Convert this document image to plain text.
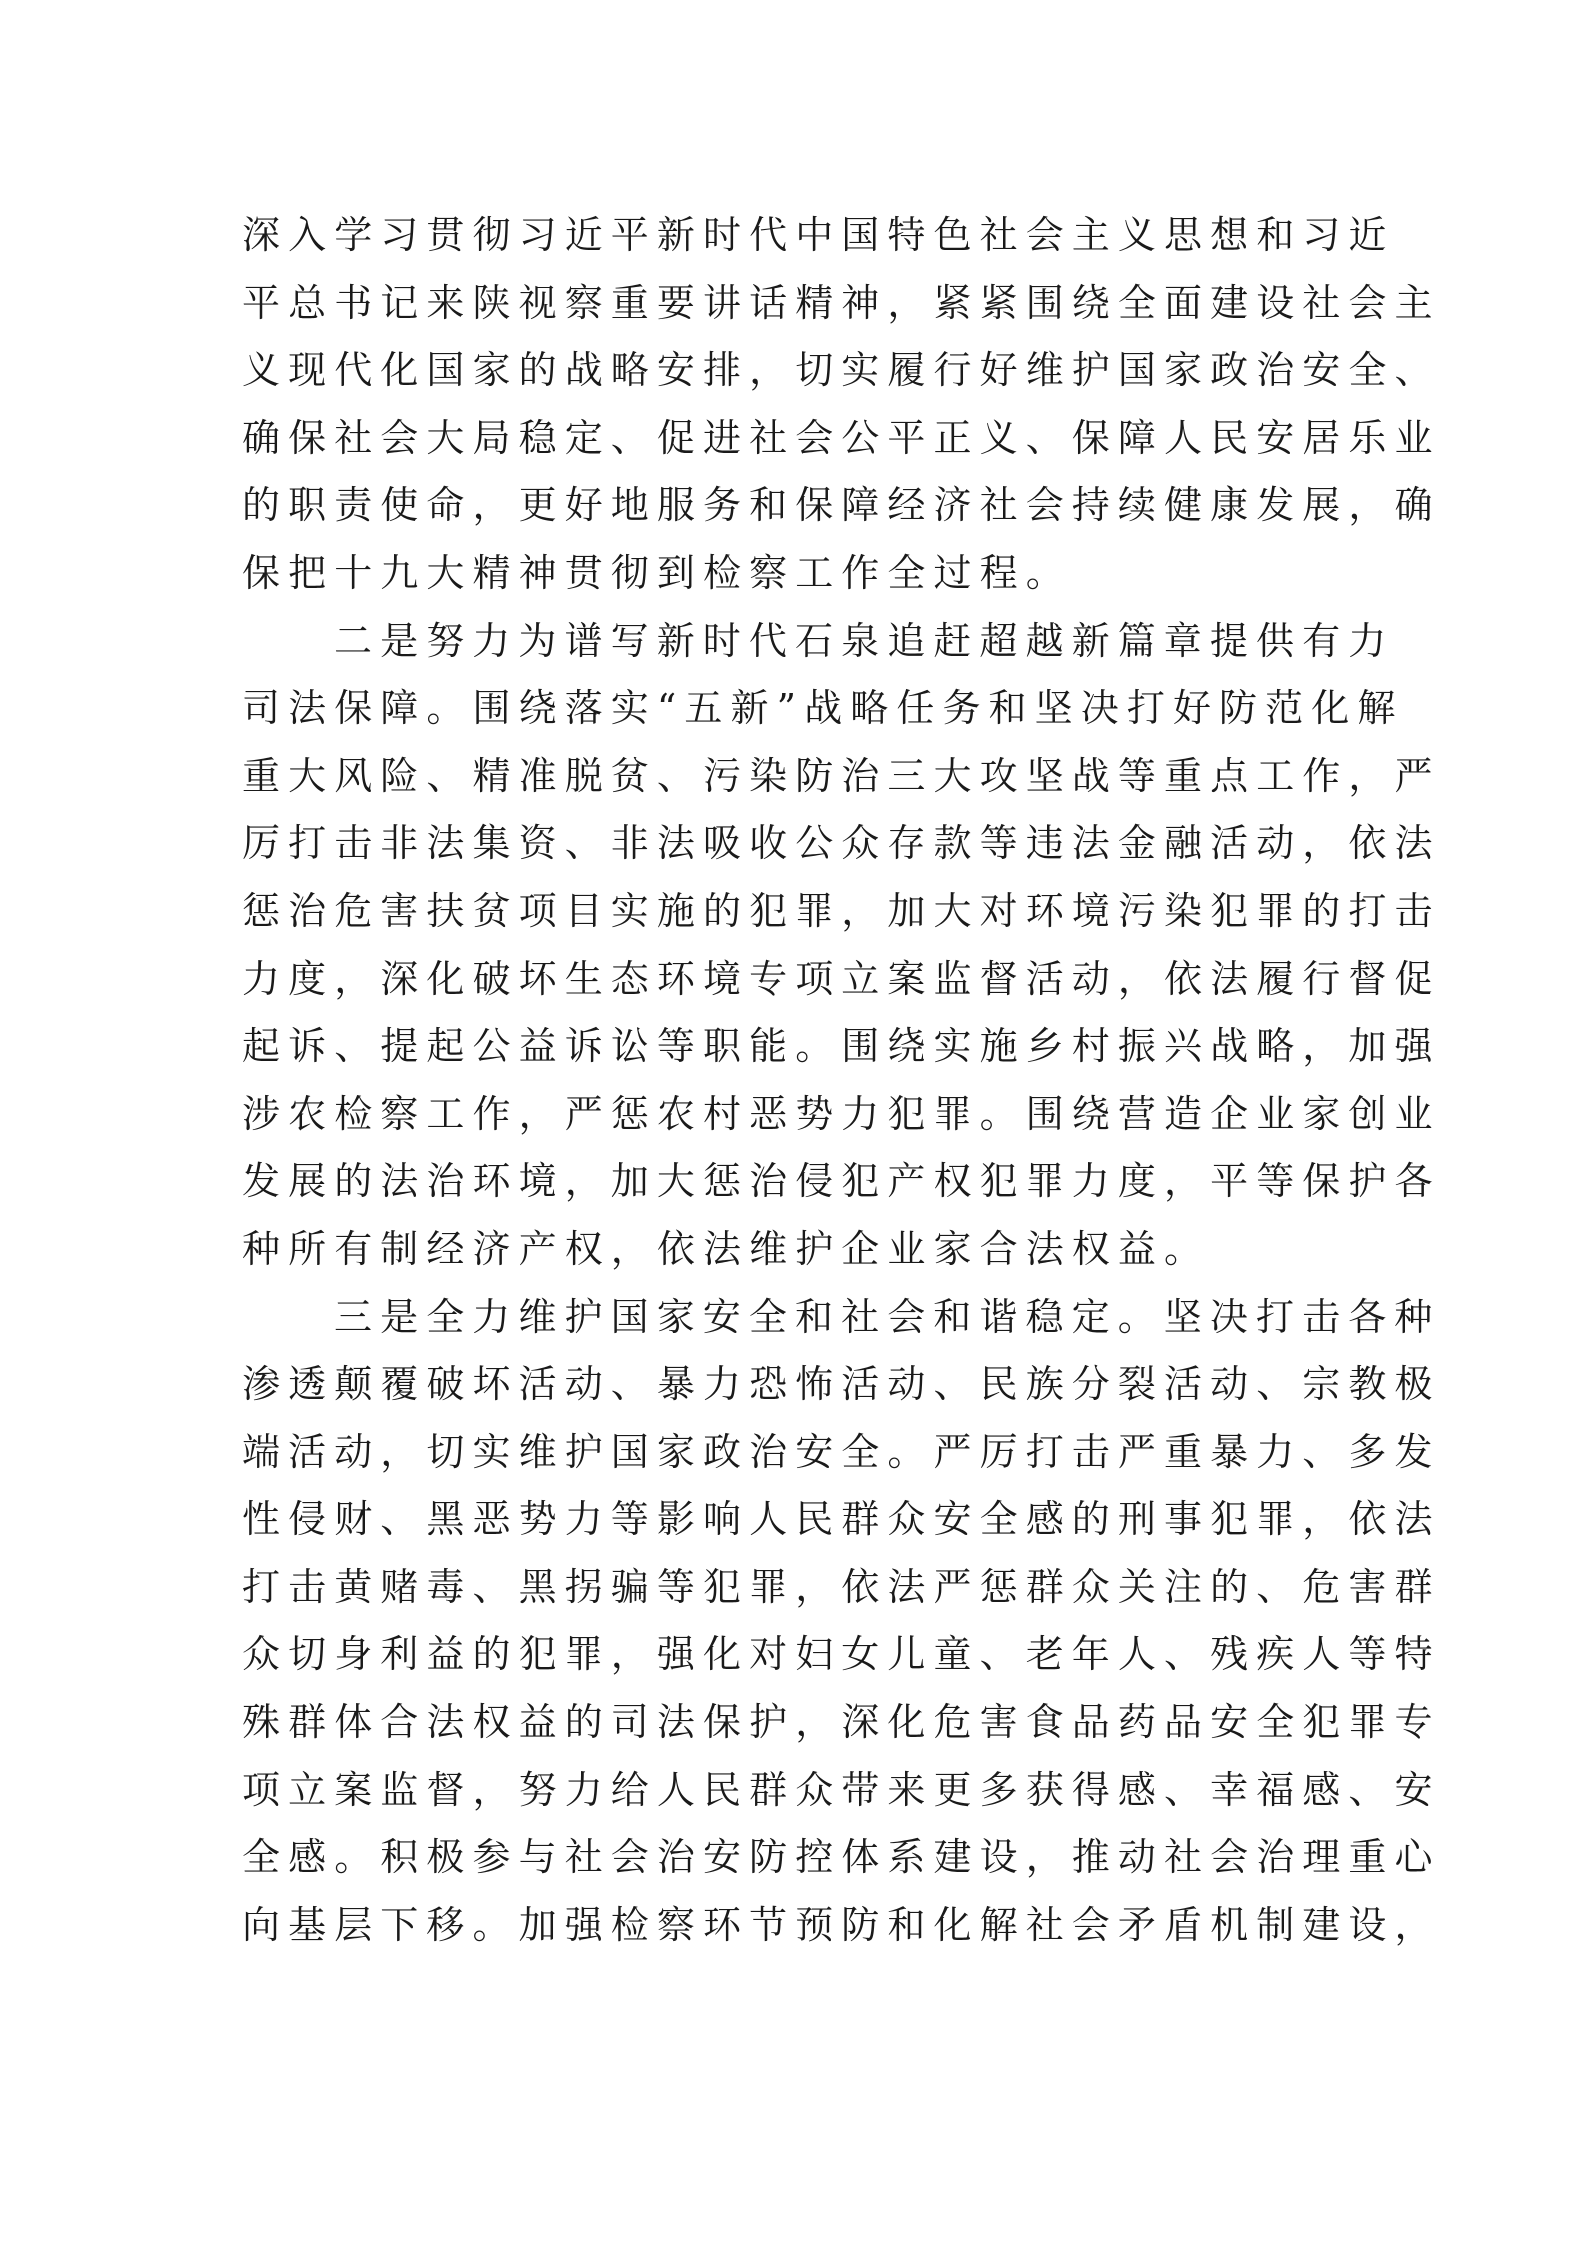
深入学习贯彻习近平新时代中国特色社会主义思想和习近
平总书记来陕视察重要讲话精神，紧紧围绕全面建设社会主
义现代化国家的战略安排，切实履行好维护国家政治安全、
确保社会大局稳定、促进社会公平正义、保障人民安居乐业
的职责使命，更好地服务和保障经济社会持续健康发展，确
保把十九大精神贯彻到检察工作全过程。
二是努力为谱写新时代石泉追赶超越新篇章提供有力
司法保障。围绕落实“五新”战略任务和坚决打好防范化解
重大风险、精准脱贫、污染防治三大攻坚战等重点工作，严
厉打击非法集资、非法吸收公众存款等违法金融活动，依法
惩治危害扶贫项目实施的犯罪，加大对环境污染犯罪的打击
力度，深化破坏生态环境专项立案监督活动，依法履行督促
起诉、提起公益诉讼等职能。围绕实施乡村振兴战略，加强
涉农检察工作，严惩农村恶势力犯罪。围绕营造企业家创业
发展的法治环境，加大惩治侵犯产权犯罪力度，平等保护各
种所有制经济产权，依法维护企业家合法权益。
三是全力维护国家安全和社会和谐稳定。坚决打击各种
渗透颠覆破坏活动、暴力恐怖活动、民族分裂活动、宗教极
端活动，切实维护国家政治安全。严厉打击严重暴力、多发
性侵财、黑恶势力等影响人民群众安全感的刑事犯罪，依法
打击黄赌毒、黑拐骗等犯罪，依法严惩群众关注的、危害群
众切身利益的犯罪，强化对妇女儿童、老年人、残疾人等特
殊群体合法权益的司法保护，深化危害食品药品安全犯罪专
项立案监督，努力给人民群众带来更多获得感、幸福感、安
全感。积极参与社会治安防控体系建设，推动社会治理重心
向基层下移。加强检察环节预防和化解社会矛盾机制建设，
